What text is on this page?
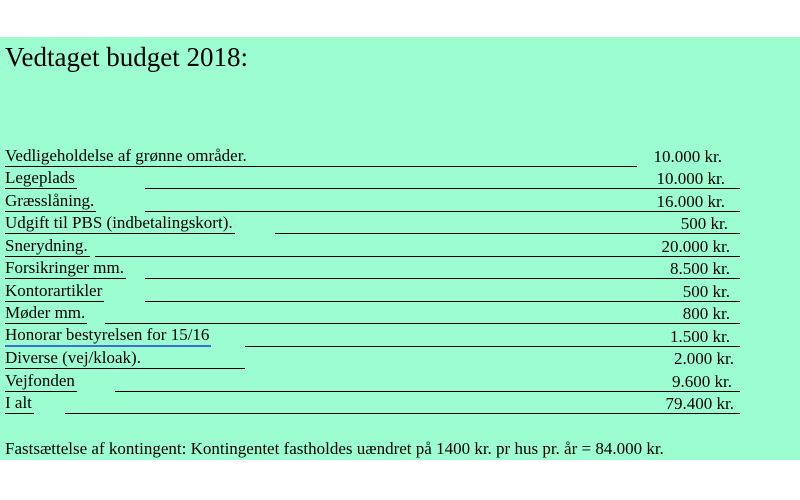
Vedtaget budget 2018:
Vedligeholdelse af grønne områder.	10.000 kr.
Legeplads	10.000 kr.
Græsslåning.	16.000 kr.
Udgift til PBS (indbetalingskort).	500 kr.
Snerydning.	20.000 kr.
Forsikringer mm.	8.500 kr.
Kontorartikler	500 kr.
Møder mm.	800 kr.
Honorar bestyrelsen for 15/16	1.500 kr.
Diverse (vej/kloak).	2.000 kr.
Vejfonden	9.600 kr.
I alt	79.400 kr.
Fastsættelse af kontingent: Kontingentet fastholdes uændret på 1400 kr. pr hus pr. år = 84.000 kr.
